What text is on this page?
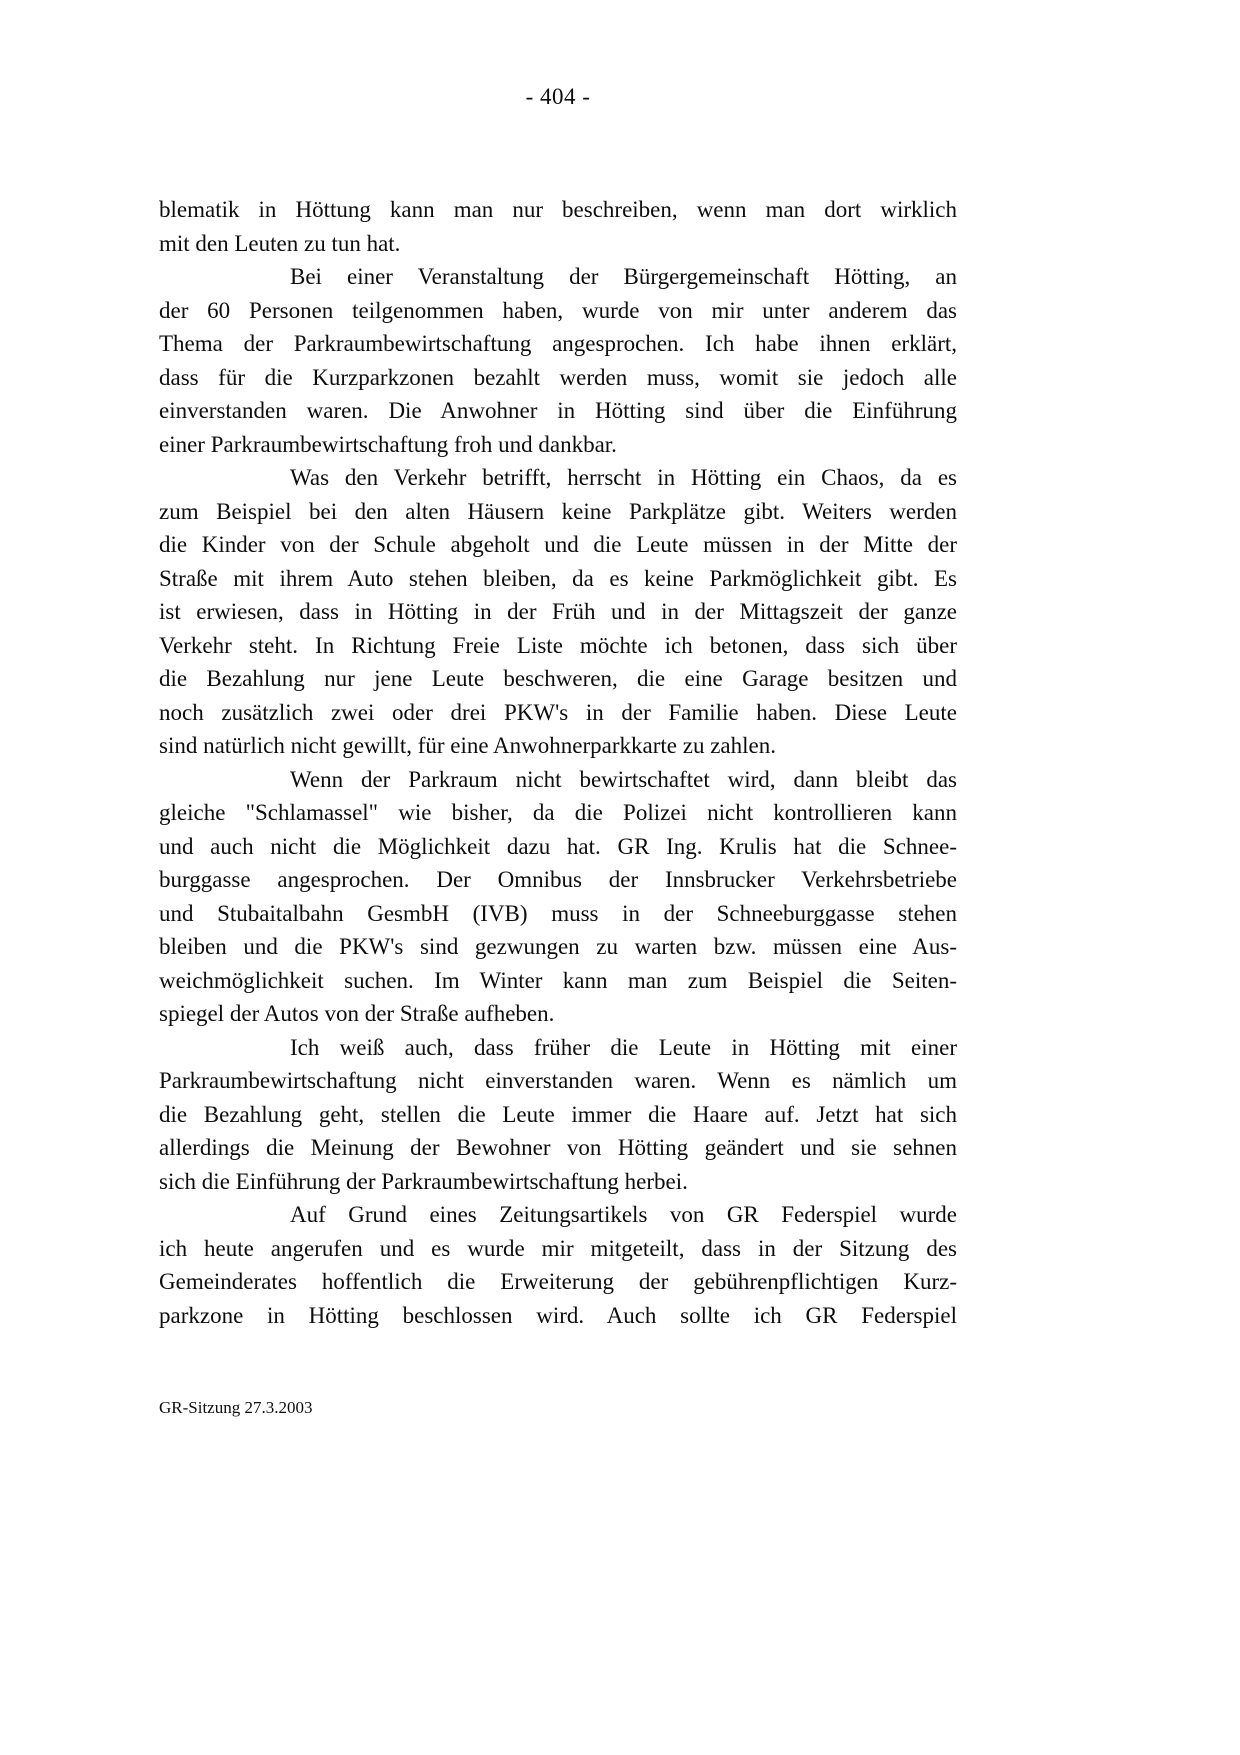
- 404 -
blematik in Höttung kann man nur beschreiben, wenn man dort wirklich
mit den Leuten zu tun hat.
Bei einer Veranstaltung der Bürgergemeinschaft Hötting, an
der 60 Personen teilgenommen haben, wurde von mir unter anderem das
Thema der Parkraumbewirtschaftung angesprochen. Ich habe ihnen erklärt,
dass für die Kurzparkzonen bezahlt werden muss, womit sie jedoch alle
einverstanden waren. Die Anwohner in Hötting sind über die Einführung
einer Parkraumbewirtschaftung froh und dankbar.
Was den Verkehr betrifft, herrscht in Hötting ein Chaos, da es
zum Beispiel bei den alten Häusern keine Parkplätze gibt. Weiters werden
die Kinder von der Schule abgeholt und die Leute müssen in der Mitte der
Straße mit ihrem Auto stehen bleiben, da es keine Parkmöglichkeit gibt. Es
ist erwiesen, dass in Hötting in der Früh und in der Mittagszeit der ganze
Verkehr steht. In Richtung Freie Liste möchte ich betonen, dass sich über
die Bezahlung nur jene Leute beschweren, die eine Garage besitzen und
noch zusätzlich zwei oder drei PKW's in der Familie haben. Diese Leute
sind natürlich nicht gewillt, für eine Anwohnerparkkarte zu zahlen.
Wenn der Parkraum nicht bewirtschaftet wird, dann bleibt das
gleiche "Schlamassel" wie bisher, da die Polizei nicht kontrollieren kann
und auch nicht die Möglichkeit dazu hat. GR Ing. Krulis hat die Schnee-
burggasse angesprochen. Der Omnibus der Innsbrucker Verkehrsbetriebe
und Stubaitalbahn GesmbH (IVB) muss in der Schneeburggasse stehen
bleiben und die PKW's sind gezwungen zu warten bzw. müssen eine Aus-
weichmöglichkeit suchen. Im Winter kann man zum Beispiel die Seiten-
spiegel der Autos von der Straße aufheben.
Ich weiß auch, dass früher die Leute in Hötting mit einer
Parkraumbewirtschaftung nicht einverstanden waren. Wenn es nämlich um
die Bezahlung geht, stellen die Leute immer die Haare auf. Jetzt hat sich
allerdings die Meinung der Bewohner von Hötting geändert und sie sehnen
sich die Einführung der Parkraumbewirtschaftung herbei.
Auf Grund eines Zeitungsartikels von GR Federspiel wurde
ich heute angerufen und es wurde mir mitgeteilt, dass in der Sitzung des
Gemeinderates hoffentlich die Erweiterung der gebührenpflichtigen Kurz-
parkzone in Hötting beschlossen wird. Auch sollte ich GR Federspiel
GR-Sitzung 27.3.2003
